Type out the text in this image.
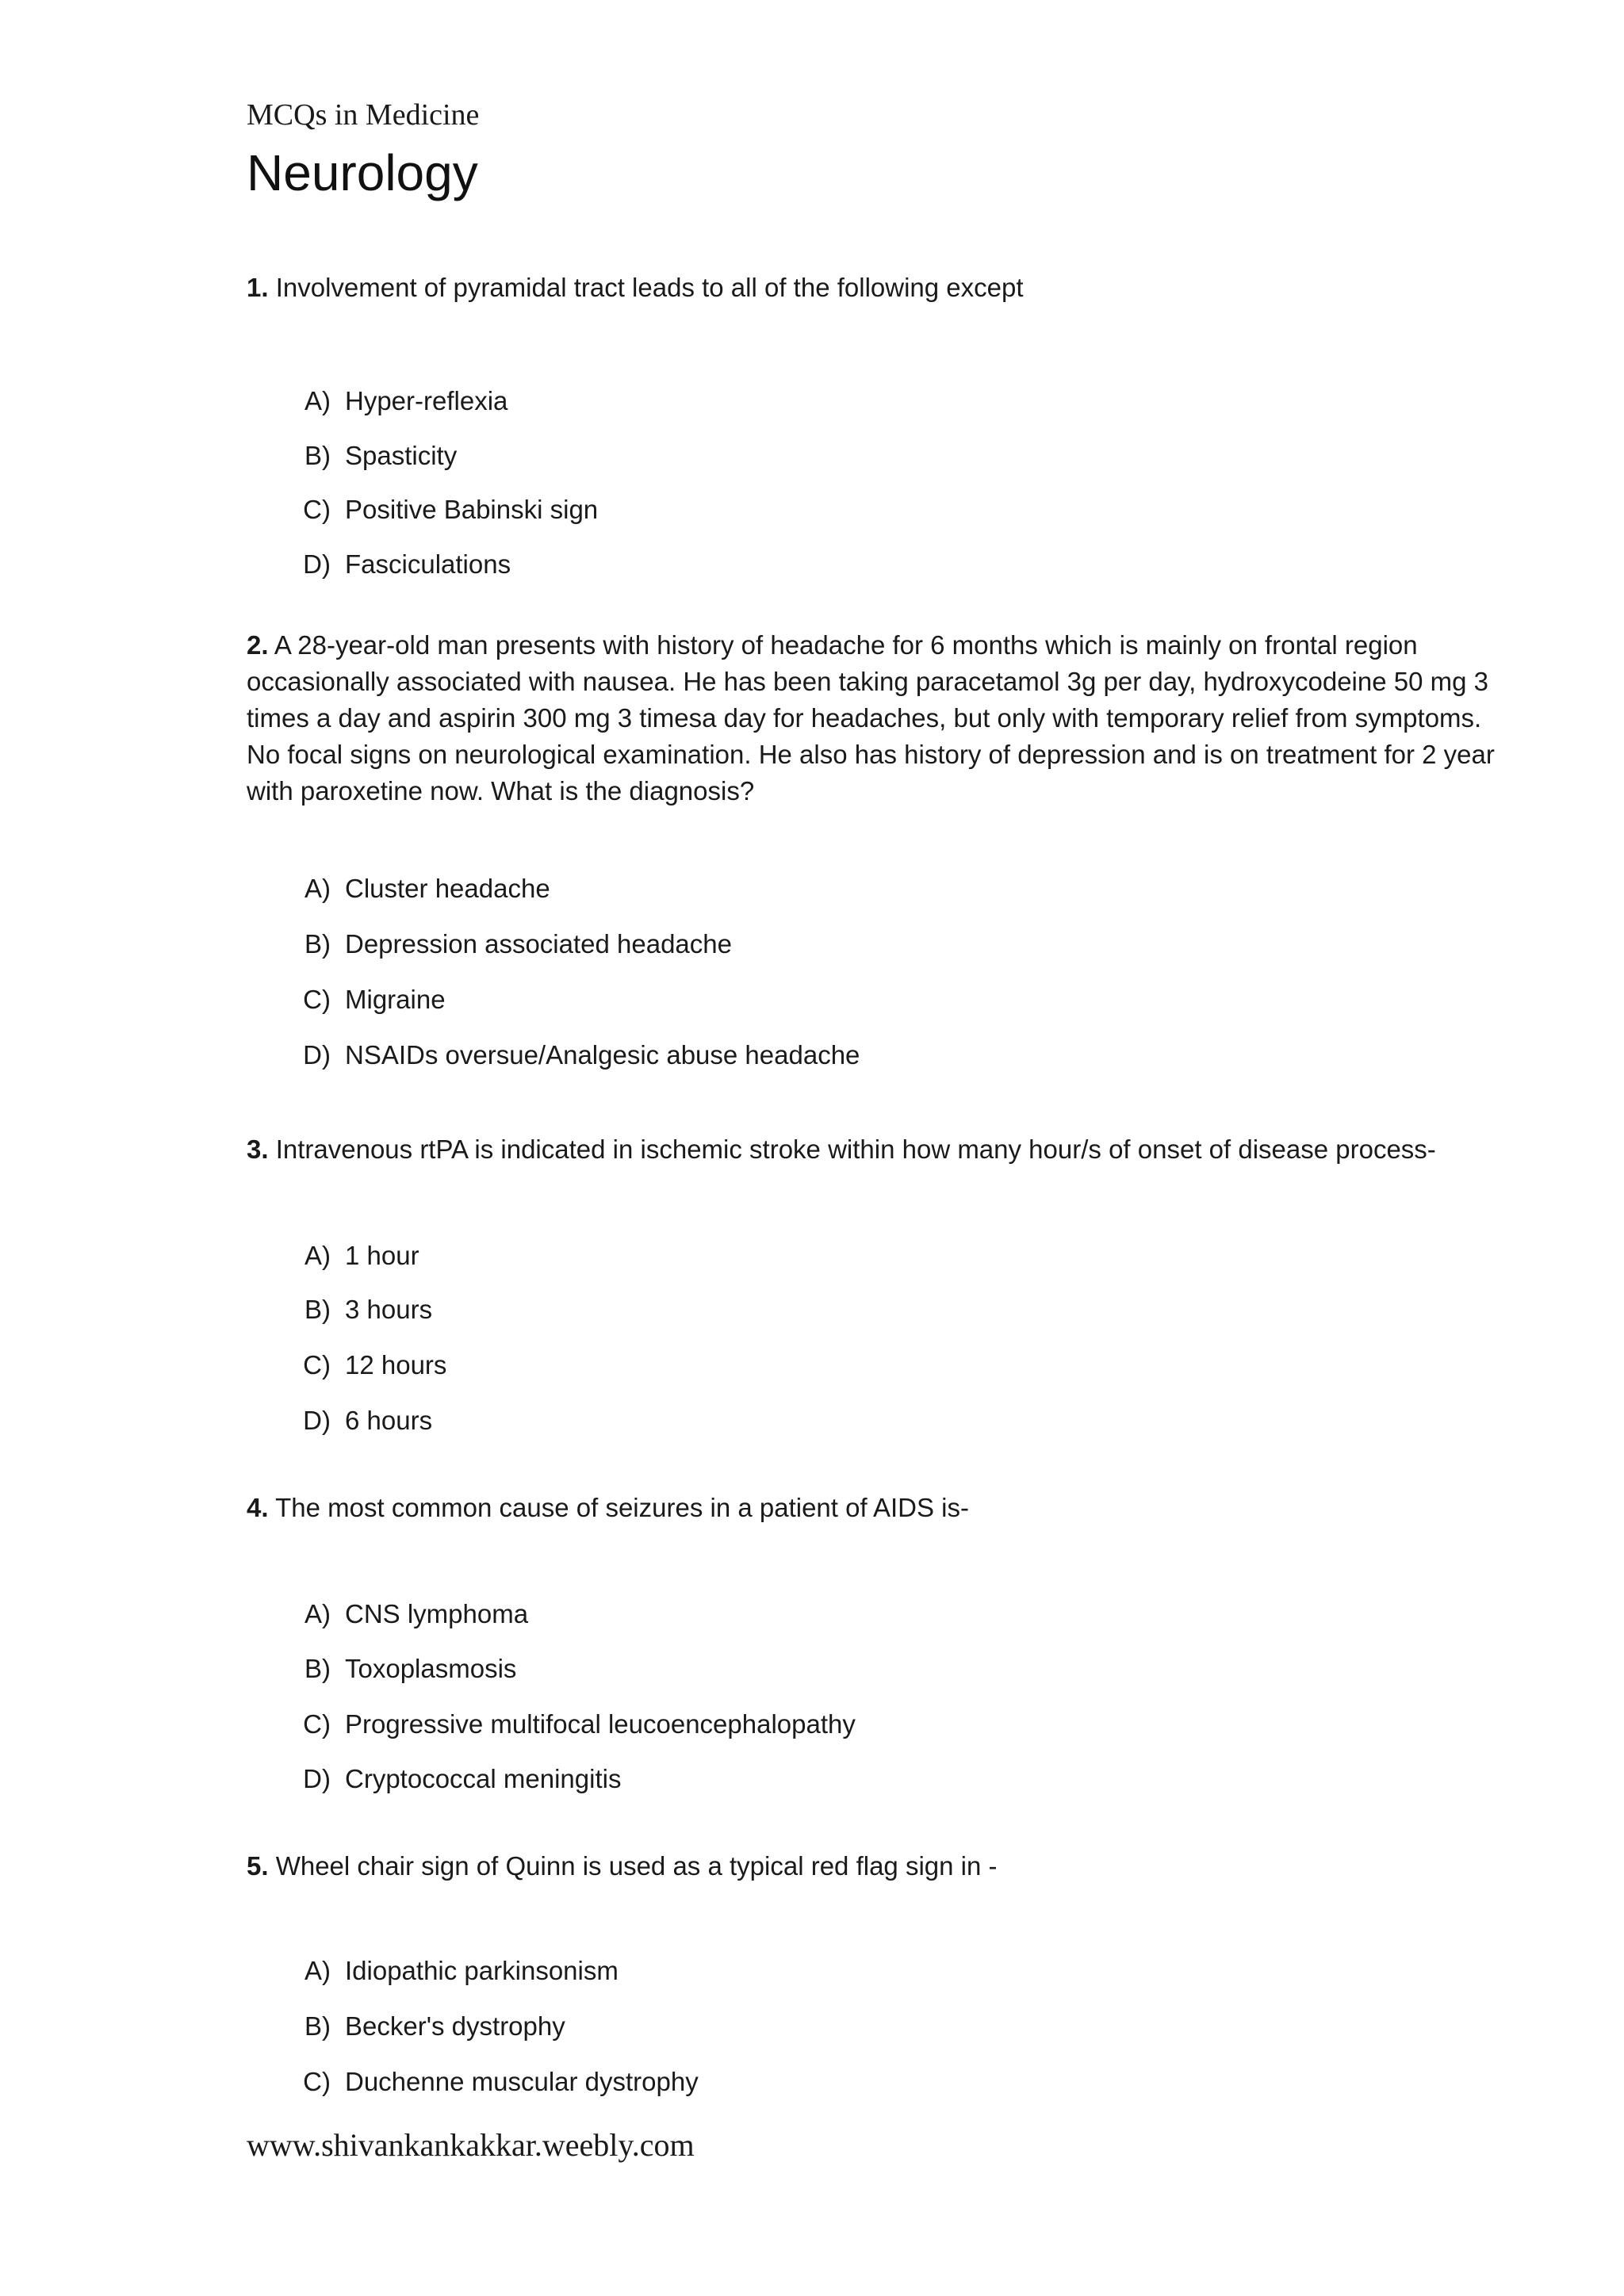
MCQs in Medicine
Neurology

1. Involvement of pyramidal tract leads to all of the following except

A) Hyper-reflexia
B) Spasticity
C) Positive Babinski sign
D) Fasciculations

2. A 28-year-old man presents with history of headache for 6 months which is mainly on frontal region occasionally associated with nausea. He has been taking paracetamol 3g per day, hydroxycodeine 50 mg 3 times a day and aspirin 300 mg 3 timesa day for headaches, but only with temporary relief from symptoms. No focal signs on neurological examination. He also has history of depression and is on treatment for 2 year with paroxetine now. What is the diagnosis?

A) Cluster headache
B) Depression associated headache
C) Migraine
D) NSAIDs oversue/Analgesic abuse headache

3. Intravenous rtPA is indicated in ischemic stroke within how many hour/s of onset of disease process-

A) 1 hour
B) 3 hours
C) 12 hours
D) 6 hours

4. The most common cause of seizures in a patient of AIDS is-

A) CNS lymphoma
B) Toxoplasmosis
C) Progressive multifocal leucoencephalopathy
D) Cryptococcal meningitis

5. Wheel chair sign of Quinn is used as a typical red flag sign in -

A) Idiopathic parkinsonism
B) Becker's dystrophy
C) Duchenne muscular dystrophy
www.shivankankakkar.weebly.com
